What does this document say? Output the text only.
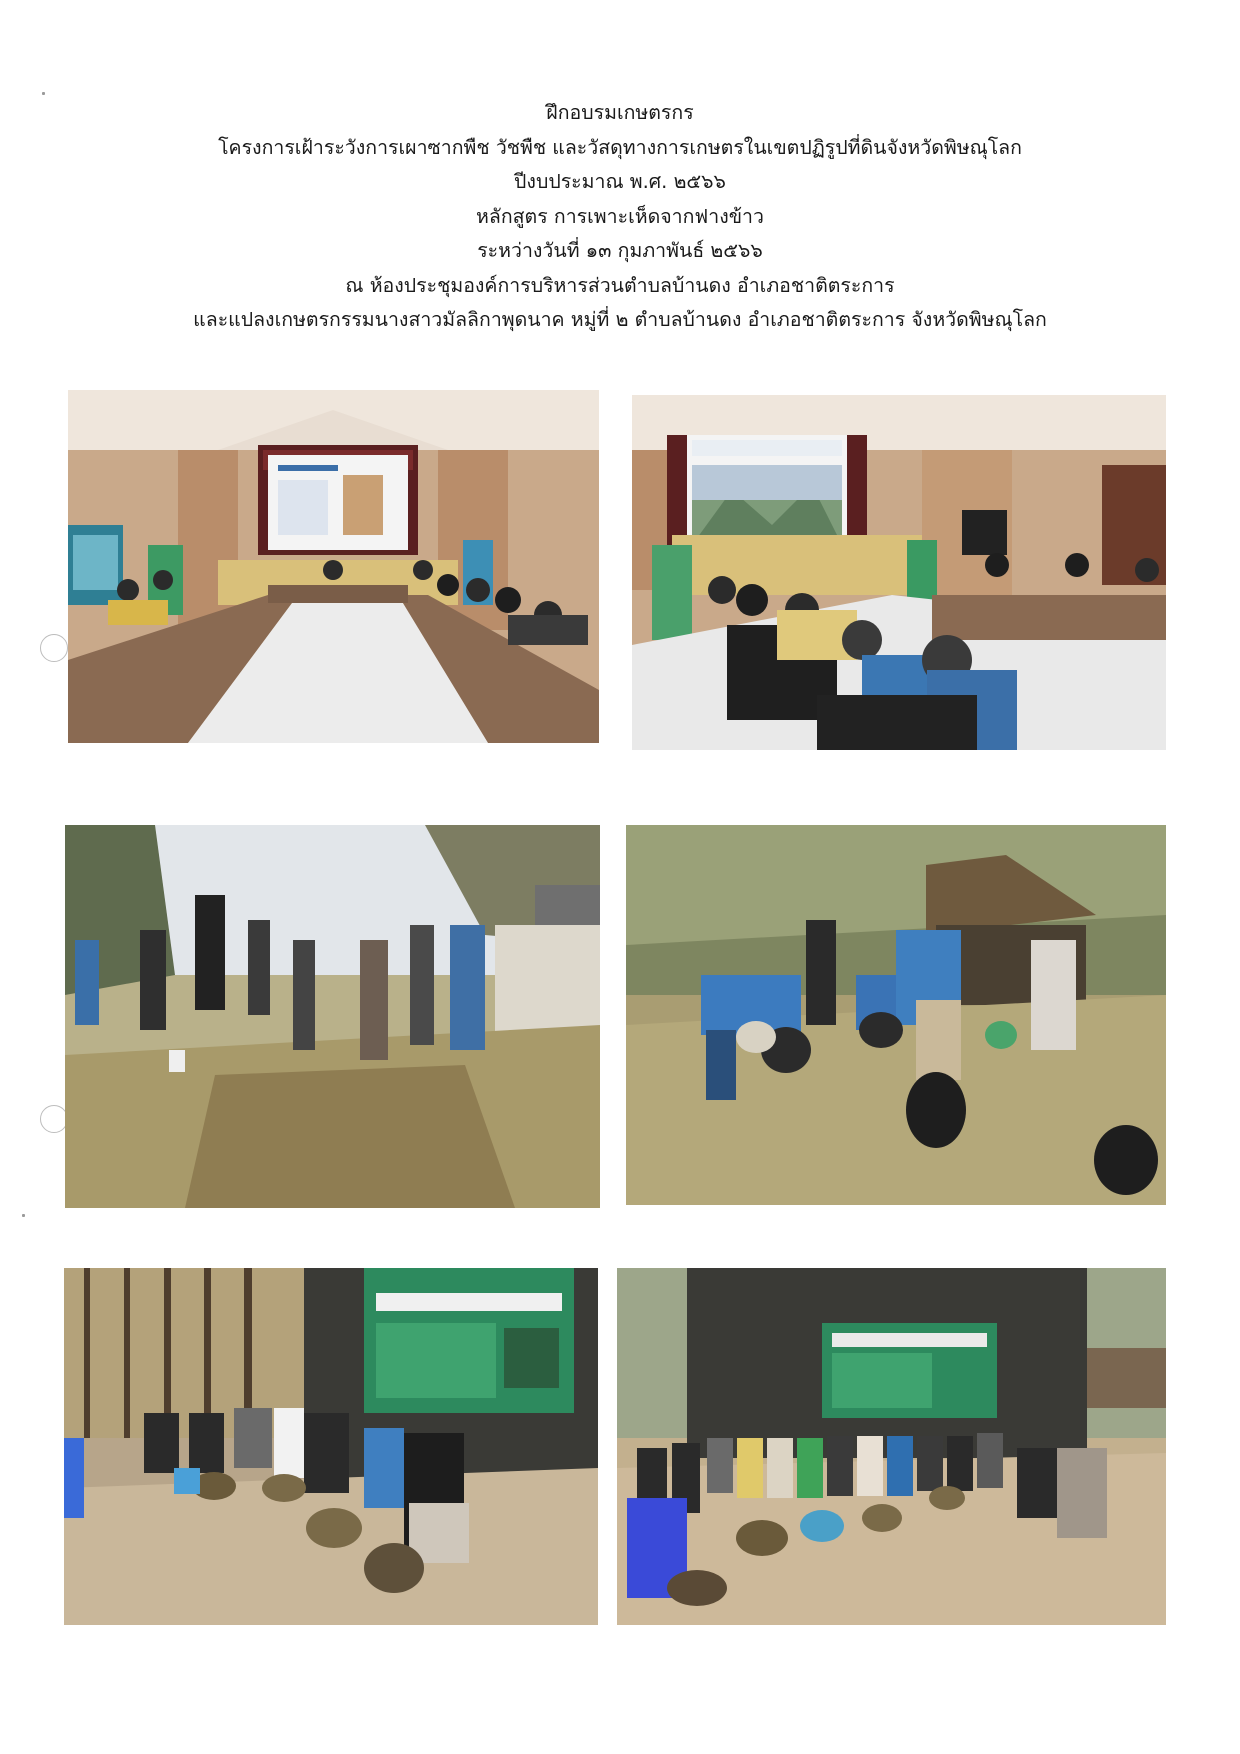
ฝึกอบรมเกษตรกร
โครงการเฝ้าระวังการเผาซากพืช วัชพืช และวัสดุทางการเกษตรในเขตปฏิรูปที่ดินจังหวัดพิษณุโลก
ปีงบประมาณ พ.ศ. ๒๕๖๖
หลักสูตร การเพาะเห็ดจากฟางข้าว
ระหว่างวันที่ ๑๓ กุมภาพันธ์ ๒๕๖๖
ณ ห้องประชุมองค์การบริหารส่วนตำบลบ้านดง อำเภอชาติตระการ
และแปลงเกษตรกรรมนางสาวมัลลิกาพุดนาค หมู่ที่ ๒ ตำบลบ้านดง อำเภอชาติตระการ จังหวัดพิษณุโลก
